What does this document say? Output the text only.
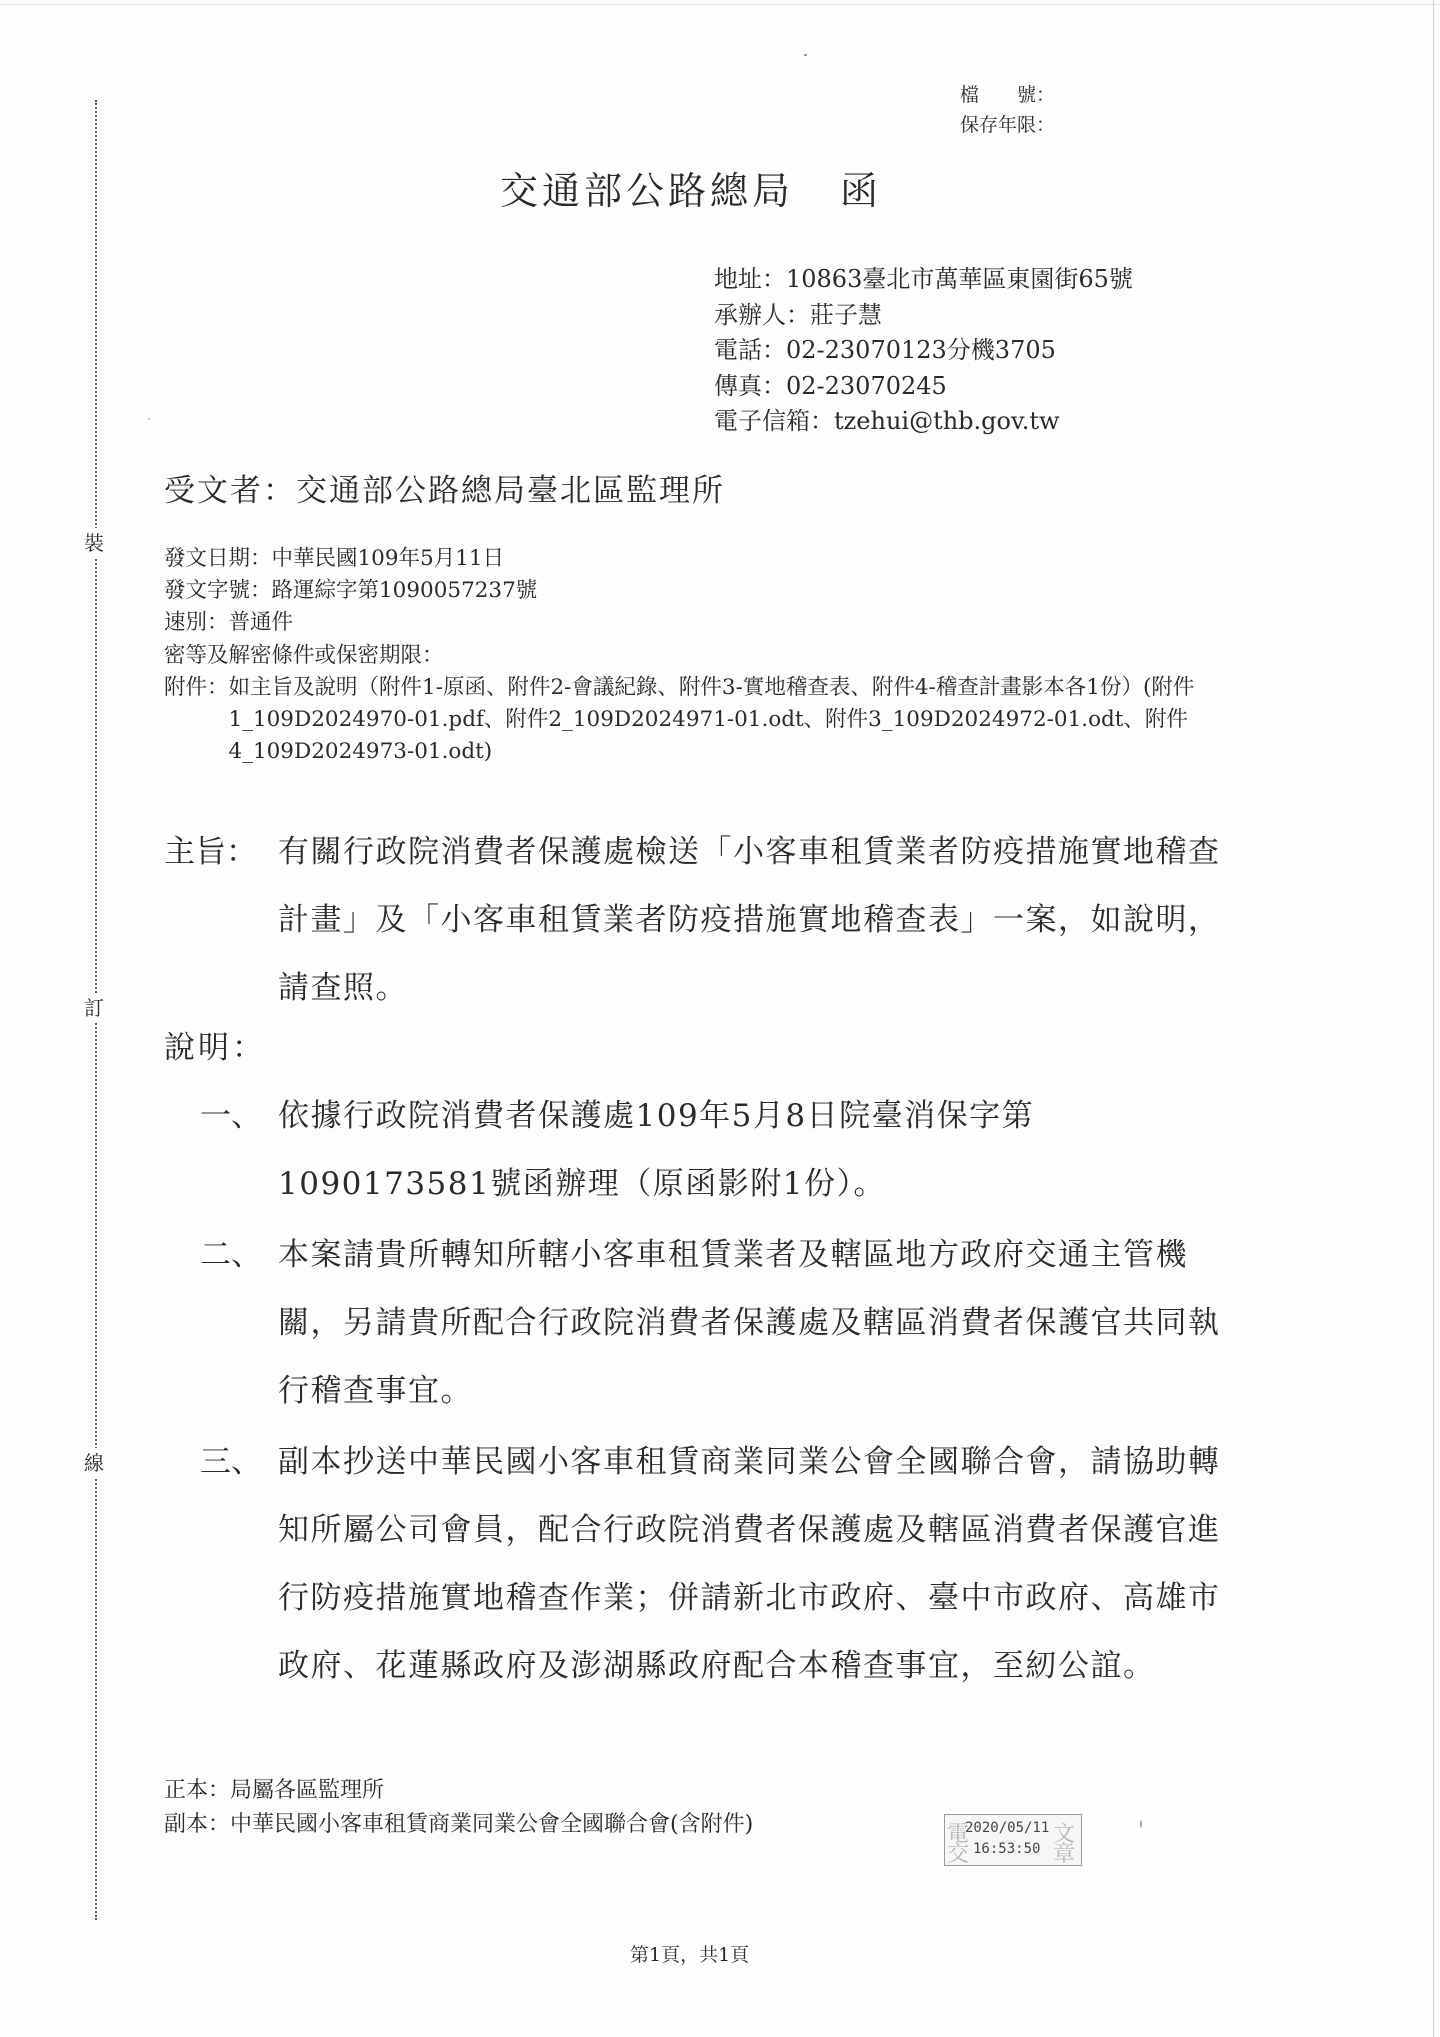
裝
訂
線
檔　　號：
保存年限：
交通部公路總局 函
地址：10863臺北市萬華區東園街65號
承辦人：莊子慧
電話：02-23070123分機3705
傳真：02-23070245
電子信箱：tzehui@thb.gov.tw
受文者：交通部公路總局臺北區監理所
發文日期：中華民國109年5月11日
發文字號：路運綜字第1090057237號
速別：普通件
密等及解密條件或保密期限：
附件： 如主旨及說明（附件1-原函、附件2-會議紀錄、附件3-實地稽查表、附件4-稽查計畫影本各1份）(附件1_109D2024970-01.pdf、附件2_109D2024971-01.odt、附件3_109D2024972-01.odt、附件4_109D2024973-01.odt)
主旨： 有關行政院消費者保護處檢送「小客車租賃業者防疫措施實地稽查計畫」及「小客車租賃業者防疫措施實地稽查表」一案，如說明，請查照。
說明：
一、 依據行政院消費者保護處109年5月8日院臺消保字第1090173581號函辦理（原函影附1份）。
二、 本案請貴所轉知所轄小客車租賃業者及轄區地方政府交通主管機關，另請貴所配合行政院消費者保護處及轄區消費者保護官共同執行稽查事宜。
三、 副本抄送中華民國小客車租賃商業同業公會全國聯合會，請協助轉知所屬公司會員，配合行政院消費者保護處及轄區消費者保護官進行防疫措施實地稽查作業；併請新北市政府、臺中市政府、高雄市政府、花蓮縣政府及澎湖縣政府配合本稽查事宜，至紉公誼。
正本：局屬各區監理所
副本：中華民國小客車租賃商業同業公會全國聯合會(含附件)	電	文
交	章
2020/05/11
16:53:50
第1頁，共1頁
